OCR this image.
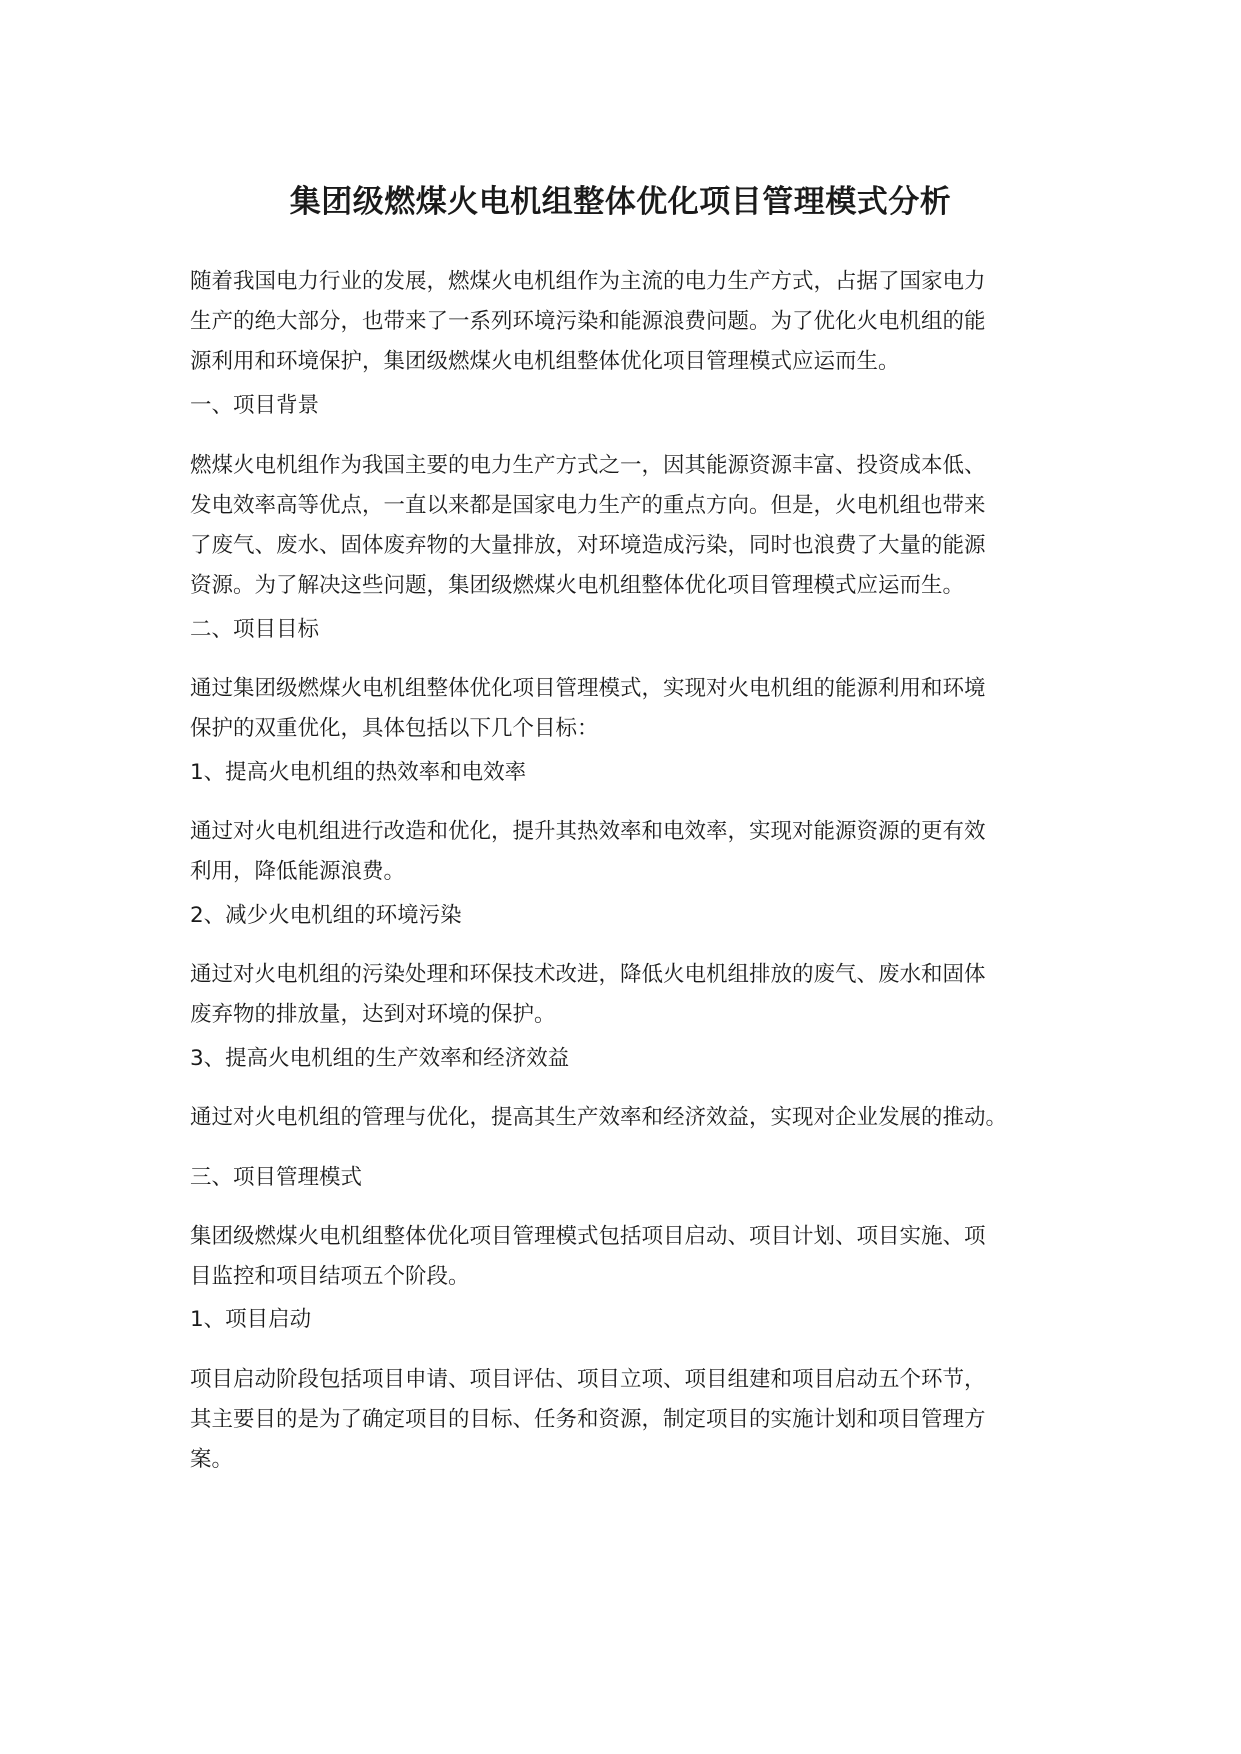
集团级燃煤火电机组整体优化项目管理模式分析

随着我国电力行业的发展，燃煤火电机组作为主流的电力生产方式，占据了国家电力
生产的绝大部分，也带来了一系列环境污染和能源浪费问题。为了优化火电机组的能
源利用和环境保护，集团级燃煤火电机组整体优化项目管理模式应运而生。

一、项目背景

燃煤火电机组作为我国主要的电力生产方式之一，因其能源资源丰富、投资成本低、
发电效率高等优点，一直以来都是国家电力生产的重点方向。但是，火电机组也带来
了废气、废水、固体废弃物的大量排放，对环境造成污染，同时也浪费了大量的能源
资源。为了解决这些问题，集团级燃煤火电机组整体优化项目管理模式应运而生。

二、项目目标

通过集团级燃煤火电机组整体优化项目管理模式，实现对火电机组的能源利用和环境
保护的双重优化，具体包括以下几个目标：

1、提高火电机组的热效率和电效率

通过对火电机组进行改造和优化，提升其热效率和电效率，实现对能源资源的更有效
利用，降低能源浪费。

2、减少火电机组的环境污染

通过对火电机组的污染处理和环保技术改进，降低火电机组排放的废气、废水和固体
废弃物的排放量，达到对环境的保护。

3、提高火电机组的生产效率和经济效益

通过对火电机组的管理与优化，提高其生产效率和经济效益，实现对企业发展的推动。

三、项目管理模式

集团级燃煤火电机组整体优化项目管理模式包括项目启动、项目计划、项目实施、项
目监控和项目结项五个阶段。

1、项目启动

项目启动阶段包括项目申请、项目评估、项目立项、项目组建和项目启动五个环节，
其主要目的是为了确定项目的目标、任务和资源，制定项目的实施计划和项目管理方
案。
